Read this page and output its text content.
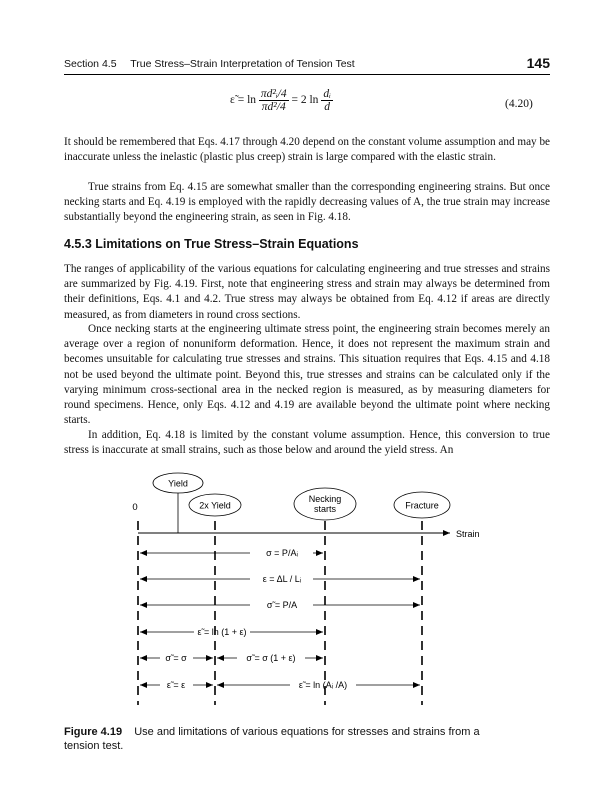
Section 4.5 True Stress–Strain Interpretation of Tension Test	145
ε̃ = $\ln \frac{\text{πd²ᵢ/4}}{\text{πd²/4}} = 2$ $\ln \frac{\text{dᵢ}}{d}$	(4.20)
It should be remembered that Eqs. 4.17 through 4.20 depend on the constant volume assumption and may be inaccurate unless the inelastic (plastic plus creep) strain is large compared with the elastic strain.
True strains from Eq. 4.15 are somewhat smaller than the corresponding engineering strains. But once necking starts and Eq. 4.19 is employed with the rapidly decreasing values of A, the true strain may increase substantially beyond the engineering strain, as seen in Fig. 4.18.
4.5.3 Limitations on True Stress–Strain Equations
The ranges of applicability of the various equations for calculating engineering and true stresses and strains are summarized by Fig. 4.19. First, note that engineering stress and strain may always be determined from their definitions, Eqs. 4.1 and 4.2. True stress may always be obtained from Eq. 4.12 if areas are directly measured, as from diameters in round cross sections.
Once necking starts at the engineering ultimate stress point, the engineering strain becomes merely an average over a region of nonuniform deformation. Hence, it does not represent the maximum strain and becomes unsuitable for calculating true stresses and strains. This situation requires that Eqs. 4.15 and 4.18 not be used beyond the ultimate point. Beyond this, true stresses and strains can be calculated only if the varying minimum cross-sectional area in the necked region is measured, as by measuring diameters for round specimens. Hence, only Eqs. 4.12 and 4.19 are available beyond the ultimate point where necking starts.
In addition, Eq. 4.18 is limited by the constant volume assumption. Hence, this conversion to true stress is inaccurate at small strains, such as those below and around the yield stress. An
Strain
0
Yield
2x Yield
Necking
starts	Fracture
σ = P/Aᵢ
ε = ΔL / Lᵢ
σ̃ = P/A
ε̃ = ln (1 + ε)
σ̃ = σ	σ̃ = σ (1 + ε)
ε̃ = ε	ε̃ = ln (Aᵢ /A)
Figure 4.19 Use and limitations of various equations for stresses and strains from a tension test.
